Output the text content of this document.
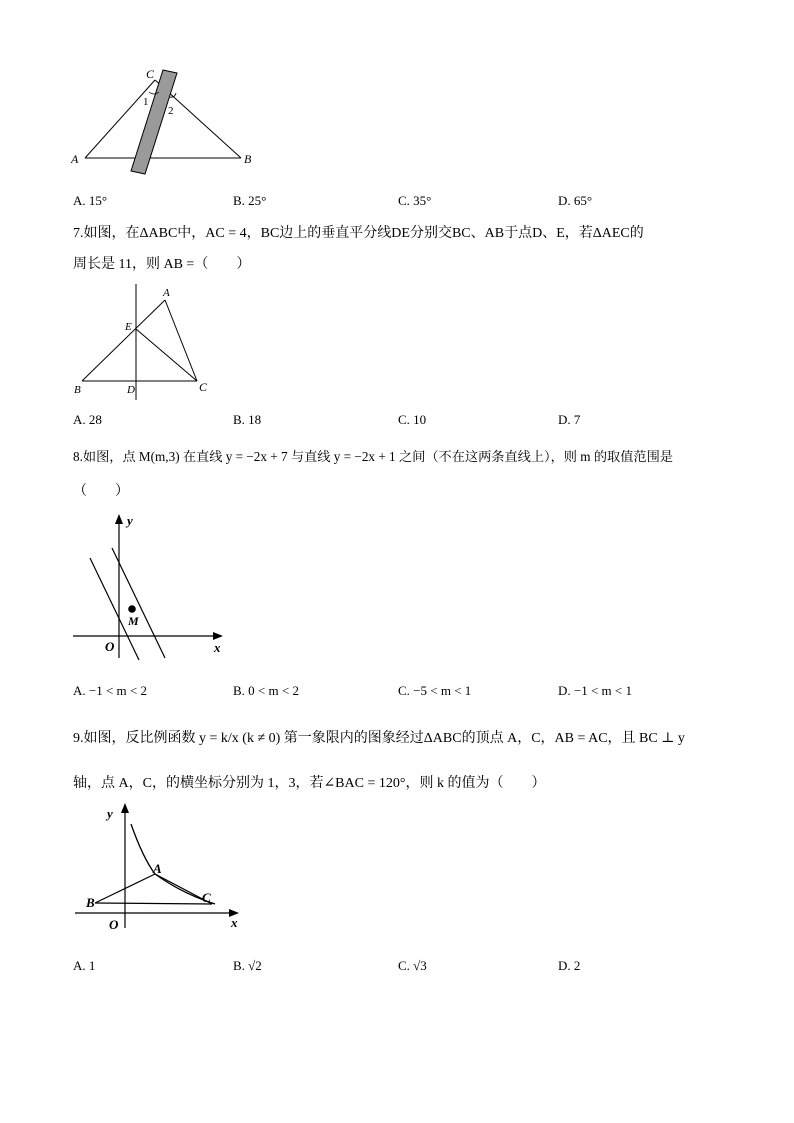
C
1
2
A	B
A. 15°	B. 25°	C. 35°	D. 65°
7.如图，在ΔABC中，AC = 4，BC边上的垂直平分线DE分别交BC、AB于点D、E，若ΔAEC的
周长是 11，则 AB =（　　）
A
E
B	D	C
A. 28	B. 18	C. 10	D. 7
8.如图，点 M(m,3) 在直线 y = −2x + 7 与直线 y = −2x + 1 之间（不在这两条直线上），则 m 的取值范围是
（　　）
y
x
O
M
A. −1 < m < 2	B. 0 < m < 2	C. −5 < m < 1	D. −1 < m < 1
9.如图，反比例函数 y = k/x (k ≠ 0) 第一象限内的图象经过ΔABC的顶点 A，C，AB = AC，且 BC ⊥ y
轴，点 A，C，的横坐标分别为 1，3，若∠BAC = 120°，则 k 的值为（　　）
y
x
O
A
B	C
A. 1	B. √2	C. √3	D. 2
